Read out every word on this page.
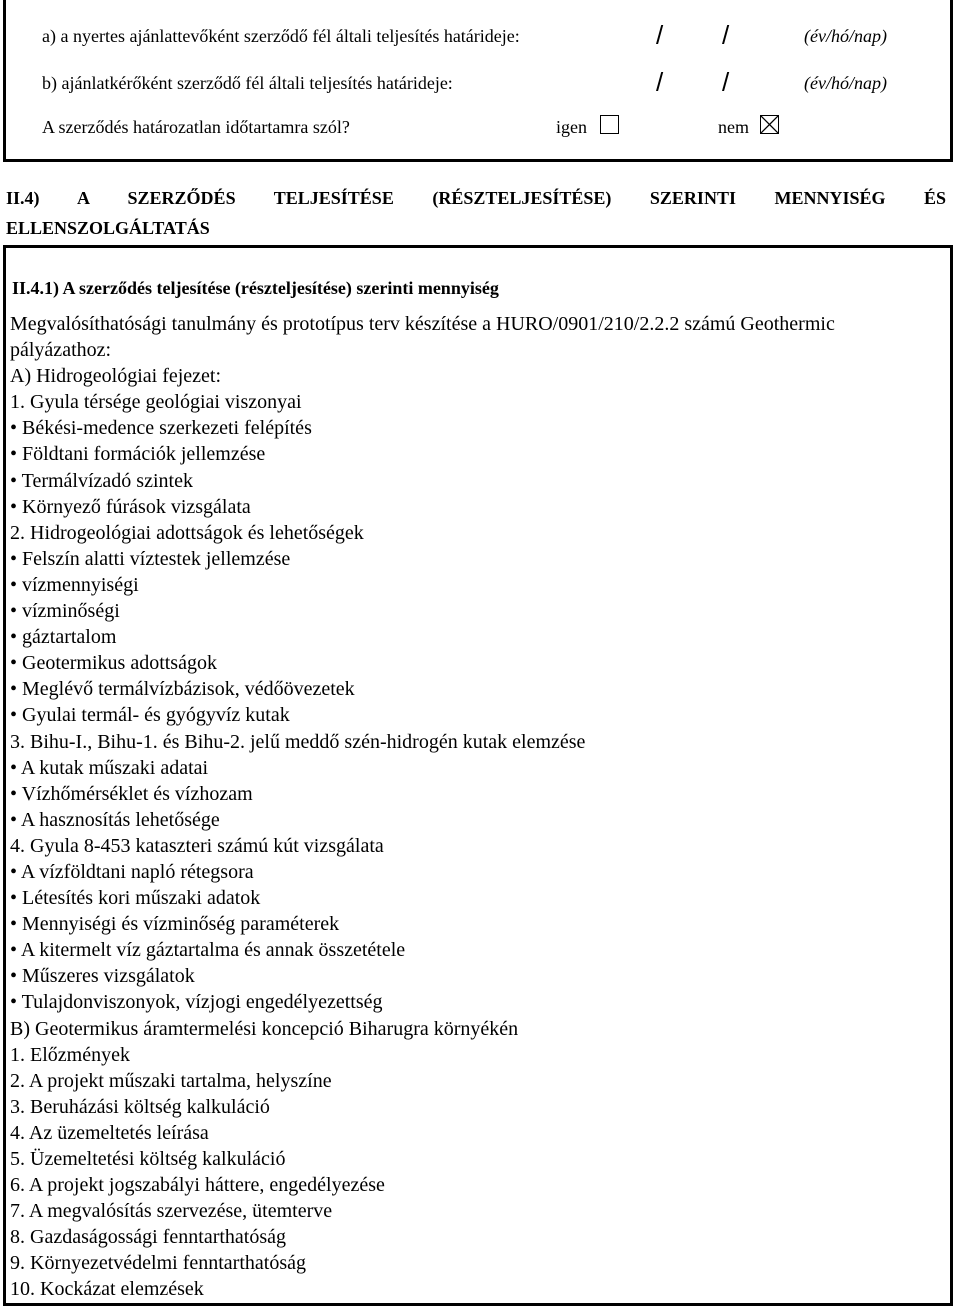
a) a nyertes ajánlattevőként szerződő fél általi teljesítés határideje:	/ /	(év/hó/nap)
b) ajánlatkérőként szerződő fél általi teljesítés határideje:	/ /	(év/hó/nap)
A szerződés határozatlan időtartamra szól?	igen	nem
II.4) A SZERZŐDÉS TELJESÍTÉSE (RÉSZTELJESÍTÉSE) SZERINTI MENNYISÉG ÉS
ELLENSZOLGÁLTATÁS
II.4.1) A szerződés teljesítése (részteljesítése) szerinti mennyiség
Megvalósíthatósági tanulmány és prototípus terv készítése a HURO/0901/210/2.2.2 számú Geothermic pályázathoz:
A) Hidrogeológiai fejezet:
1. Gyula térsége geológiai viszonyai
• Békési-medence szerkezeti felépítés
• Földtani formációk jellemzése
• Termálvízadó szintek
• Környező fúrások vizsgálata
2. Hidrogeológiai adottságok és lehetőségek
• Felszín alatti víztestek jellemzése
• vízmennyiségi
• vízminőségi
• gáztartalom
• Geotermikus adottságok
• Meglévő termálvízbázisok, védőövezetek
• Gyulai termál- és gyógyvíz kutak
3. Bihu-I., Bihu-1. és Bihu-2. jelű meddő szén-hidrogén kutak elemzése
• A kutak műszaki adatai
• Vízhőmérséklet és vízhozam
• A hasznosítás lehetősége
4. Gyula 8-453 kataszteri számú kút vizsgálata
• A vízföldtani napló rétegsora
• Létesítés kori műszaki adatok
• Mennyiségi és vízminőség paraméterek
• A kitermelt víz gáztartalma és annak összetétele
• Műszeres vizsgálatok
• Tulajdonviszonyok, vízjogi engedélyezettség
B) Geotermikus áramtermelési koncepció Biharugra környékén
1. Előzmények
2. A projekt műszaki tartalma, helyszíne
3. Beruházási költség kalkuláció
4. Az üzemeltetés leírása
5. Üzemeltetési költség kalkuláció
6. A projekt jogszabályi háttere, engedélyezése
7. A megvalósítás szervezése, ütemterve
8. Gazdaságossági fenntarthatóság
9. Környezetvédelmi fenntarthatóság
10. Kockázat elemzések
